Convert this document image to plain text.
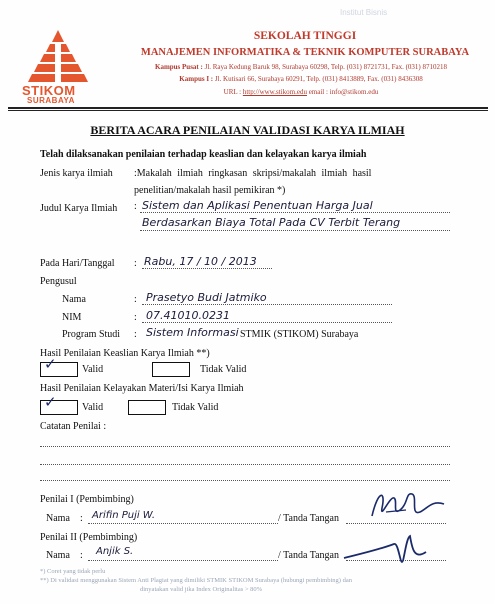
Institut Bisnis
STIKOM
SURABAYA
SEKOLAH TINGGI
MANAJEMEN INFORMATIKA & TEKNIK KOMPUTER SURABAYA
Kampus Pusat : Jl. Raya Kedung Baruk 98, Surabaya 60298, Telp. (031) 8721731, Fax. (031) 8710218
Kampus I : Jl. Kutisari 66, Surabaya 60291, Telp. (031) 8413889, Fax. (031) 8436308
URL : http://www.stikom.edu email : info@stikom.edu
BERITA ACARA PENILAIAN VALIDASI KARYA ILMIAH
Telah dilaksanakan penilaian terhadap keaslian dan kelayakan karya ilmiah
Jenis karya ilmiah :Makalah ilmiah ringkasan skripsi/makalah ilmiah hasil
penelitian/makalah hasil pemikiran *)
Judul Karya Ilmiah : Sistem dan Aplikasi Penentuan Harga Jual
Berdasarkan Biaya Total Pada CV Terbit Terang
Pada Hari/Tanggal : Rabu, 17 / 10 / 2013
Pengusul
Nama	: Prasetyo Budi Jatmiko
NIM	: 07.41010.0231
Program Studi : Sistem Informasi STMIK (STIKOM) Surabaya
Hasil Penilaian Keaslian Karya Ilmiah **)
✓	Valid	Tidak Valid
Hasil Penilaian Kelayakan Materi/Isi Karya Ilmiah
✓	Valid	Tidak Valid
Catatan Penilai :
Penilai I (Pembimbing)
Nama : Arifin Puji W.	/ Tanda Tangan
Penilai II (Pembimbing)
Nama : Anjik S.	/ Tanda Tangan
*) Coret yang tidak perlu
**) Di validasi menggunakan Sistem Anti Plagiat yang dimiliki STMIK STIKOM Surabaya (hubungi pembimbing) dan
dinyatakan valid jika Index Originalitas > 80%
